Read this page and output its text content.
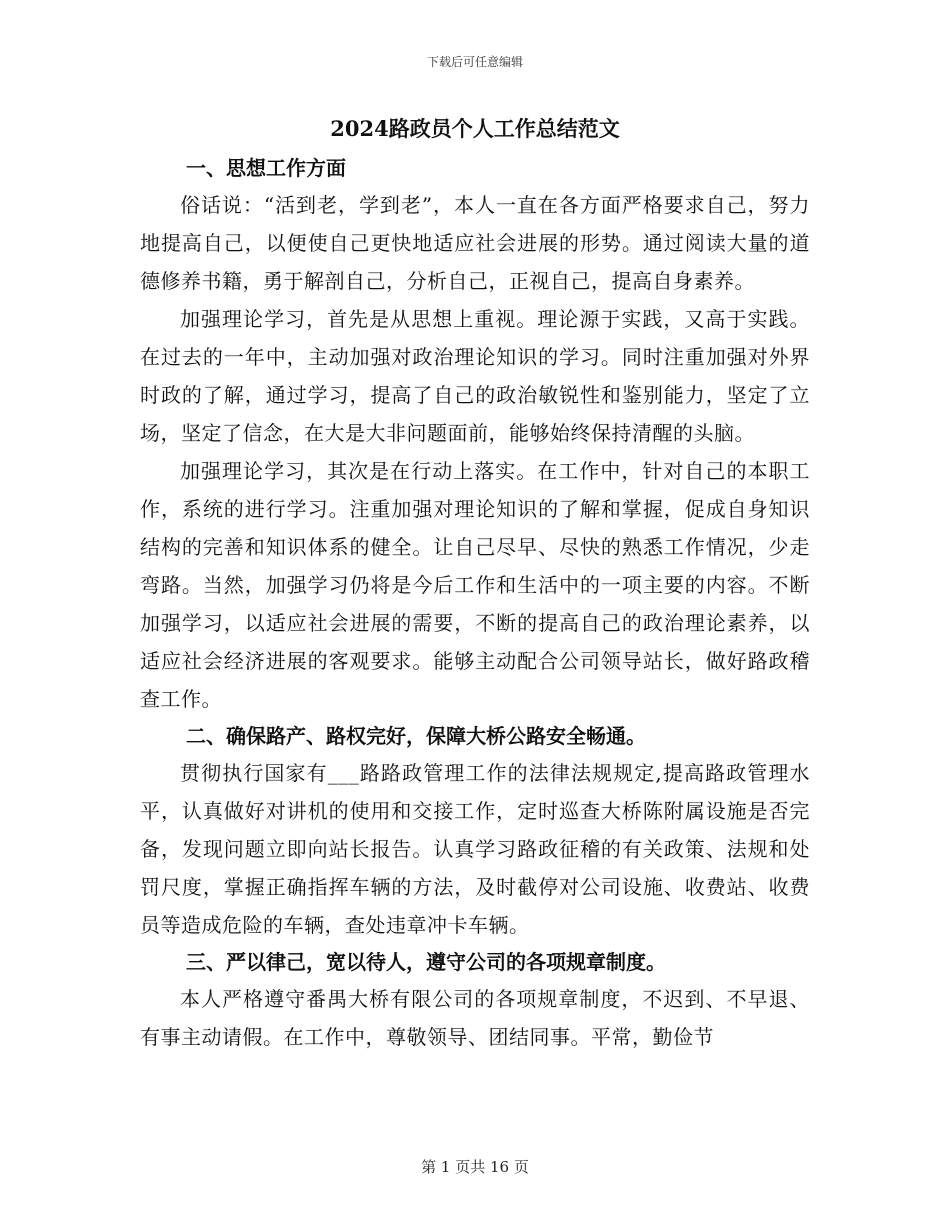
下载后可任意编辑
2024路政员个人工作总结范文
一、思想工作方面

俗话说：“活到老，学到老”，本人一直在各方面严格要求自己，努力地提高自己，以便使自己更快地适应社会进展的形势。通过阅读大量的道德修养书籍，勇于解剖自己，分析自己，正视自己，提高自身素养。

加强理论学习，首先是从思想上重视。理论源于实践，又高于实践。在过去的一年中，主动加强对政治理论知识的学习。同时注重加强对外界时政的了解，通过学习，提高了自己的政治敏锐性和鉴别能力，坚定了立场，坚定了信念，在大是大非问题面前，能够始终保持清醒的头脑。

加强理论学习，其次是在行动上落实。在工作中，针对自己的本职工作，系统的进行学习。注重加强对理论知识的了解和掌握，促成自身知识结构的完善和知识体系的健全。让自己尽早、尽快的熟悉工作情况，少走弯路。当然，加强学习仍将是今后工作和生活中的一项主要的内容。不断加强学习，以适应社会进展的需要，不断的提高自己的政治理论素养，以适应社会经济进展的客观要求。能够主动配合公司领导站长，做好路政稽查工作。

二、确保路产、路权完好，保障大桥公路安全畅通。

贯彻执行国家有___路路政管理工作的法律法规规定,提高路政管理水平，认真做好对讲机的使用和交接工作，定时巡查大桥陈附属设施是否完备，发现问题立即向站长报告。认真学习路政征稽的有关政策、法规和处罚尺度，掌握正确指挥车辆的方法，及时截停对公司设施、收费站、收费员等造成危险的车辆，查处违章冲卡车辆。

三、严以律己，宽以待人，遵守公司的各项规章制度。

本人严格遵守番禺大桥有限公司的各项规章制度，不迟到、不早退、有事主动请假。在工作中，尊敬领导、团结同事。平常，勤俭节

第 1 页共 16 页
